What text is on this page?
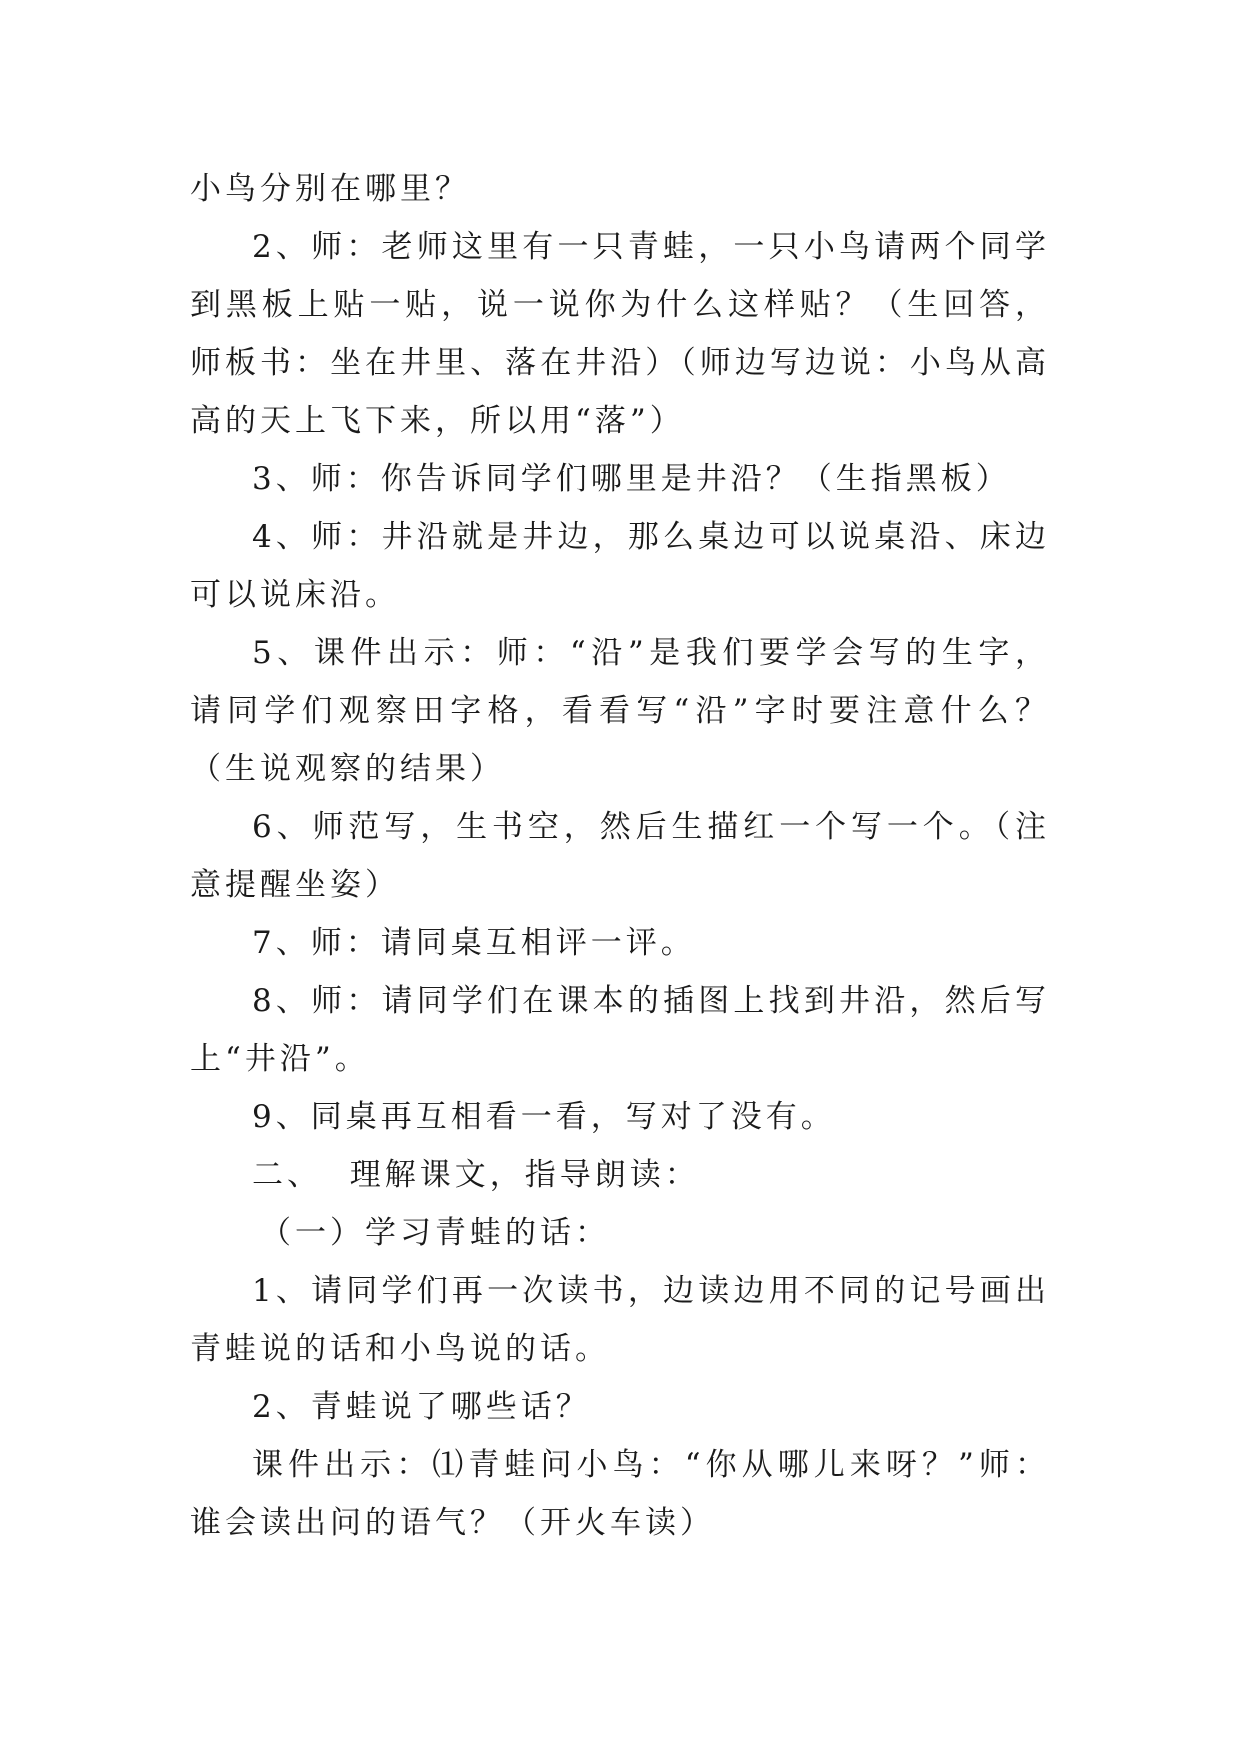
小鸟分别在哪里？

2、师：老师这里有一只青蛙，一只小鸟请两个同学到黑板上贴一贴，说一说你为什么这样贴？（生回答，师板书：坐在井里、落在井沿）（师边写边说：小鸟从高高的天上飞下来，所以用“落”）

3、师：你告诉同学们哪里是井沿？（生指黑板）

4、师：井沿就是井边，那么桌边可以说桌沿、床边可以说床沿。

5、课件出示：师：“沿”是我们要学会写的生字，请同学们观察田字格，看看写“沿”字时要注意什么？（生说观察的结果）

6、师范写，生书空，然后生描红一个写一个。（注意提醒坐姿）

7、师：请同桌互相评一评。

8、师：请同学们在课本的插图上找到井沿，然后写上“井沿”。

9、同桌再互相看一看，写对了没有。

二、  理解课文，指导朗读：

（一）学习青蛙的话：

1、请同学们再一次读书，边读边用不同的记号画出青蛙说的话和小鸟说的话。

2、青蛙说了哪些话？

课件出示：⑴青蛙问小鸟：“你从哪儿来呀？”师：谁会读出问的语气？（开火车读）
